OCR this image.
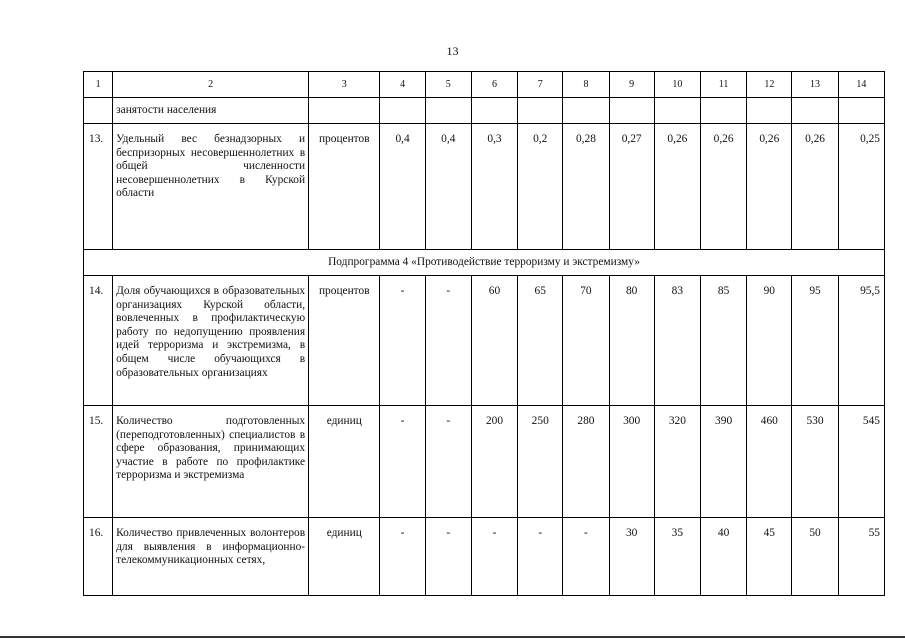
13
1	2	3	4	5	6	7	8	9	10	11	12	13	14
	занятости населения												
13.	Удельный вес безнадзорных и беспризорных несовершеннолетних в общей численности несовершеннолетних в Курской области	процентов	0,4	0,4	0,3	0,2	0,28	0,27	0,26	0,26	0,26	0,26	0,25
Подпрограмма 4 «Противодействие терроризму и экстремизму»													
14.	Доля обучающихся в образовательных организациях Курской области, вовлеченных в профилактическую работу по недопущению проявления идей терроризма и экстремизма, в общем числе обучающихся в образовательных организациях	процентов	-	-	60	65	70	80	83	85	90	95	95,5
15.	Количество подготовленных (переподготовленных) специалистов в сфере образования, принимающих участие в работе по профилактике терроризма и экстремизма	единиц	-	-	200	250	280	300	320	390	460	530	545
16.	Количество привлеченных волонтеров для выявления в информационно-телекоммуникационных сетях,	единиц	-	-	-	-	-	30	35	40	45	50	55
